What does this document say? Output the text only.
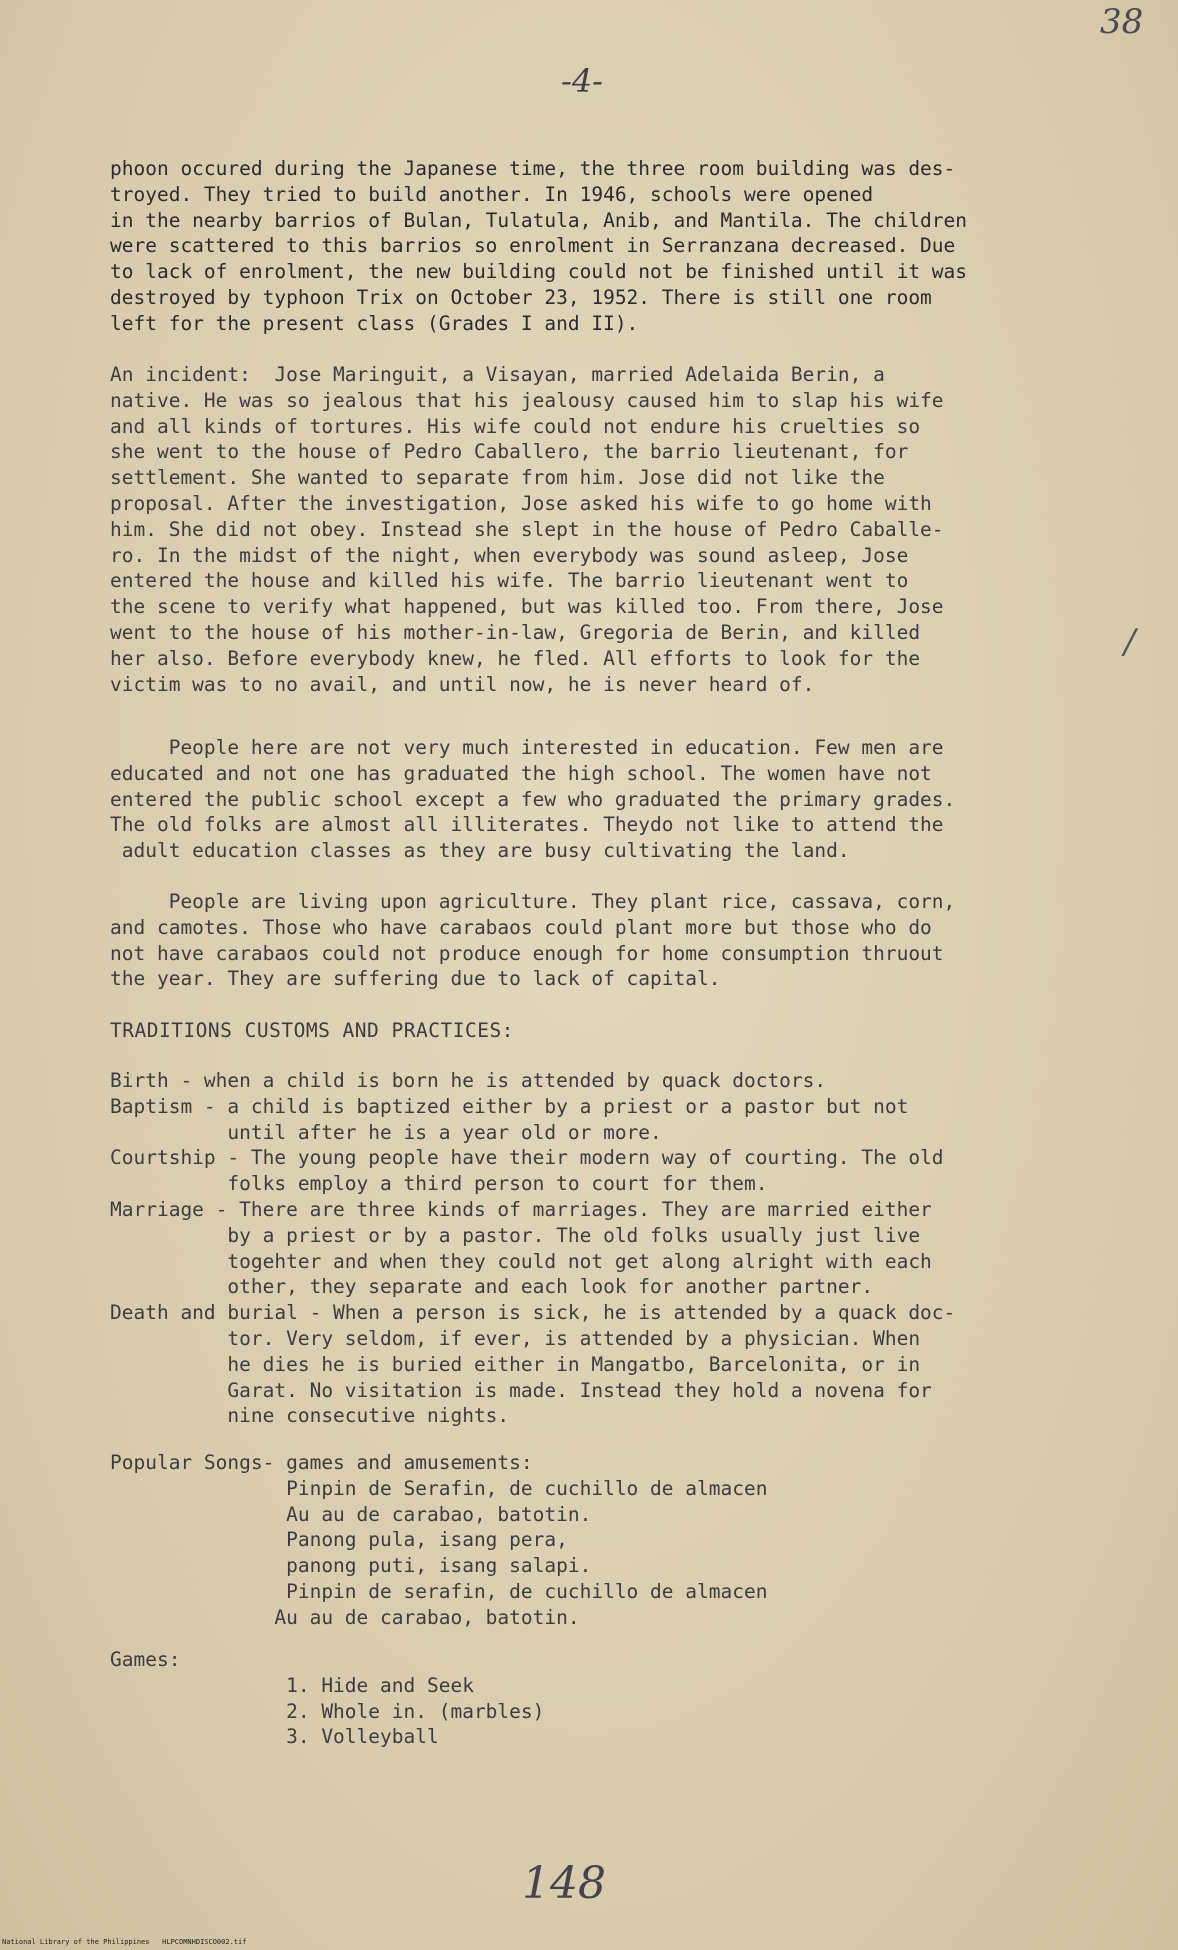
38
-4-
phoon occured during the Japanese time, the three room building was des-
troyed. They tried to build another. In 1946, schools were opened
in the nearby barrios of Bulan, Tulatula, Anib, and Mantila. The children
were scattered to this barrios so enrolment in Serranzana decreased. Due
to lack of enrolment, the new building could not be finished until it was
destroyed by typhoon Trix on October 23, 1952. There is still one room
left for the present class (Grades I and II).
An incident:  Jose Maringuit, a Visayan, married Adelaida Berin, a
native. He was so jealous that his jealousy caused him to slap his wife
and all kinds of tortures. His wife could not endure his cruelties so
she went to the house of Pedro Caballero, the barrio lieutenant, for
settlement. She wanted to separate from him. Jose did not like the
proposal. After the investigation, Jose asked his wife to go home with
him. She did not obey. Instead she slept in the house of Pedro Caballe-
ro. In the midst of the night, when everybody was sound asleep, Jose
entered the house and killed his wife. The barrio lieutenant went to
the scene to verify what happened, but was killed too. From there, Jose
went to the house of his mother-in-law, Gregoria de Berin, and killed
her also. Before everybody knew, he fled. All efforts to look for the
victim was to no avail, and until now, he is never heard of.
People here are not very much interested in education. Few men are
educated and not one has graduated the high school. The women have not
entered the public school except a few who graduated the primary grades.
The old folks are almost all illiterates. Theydo not like to attend the
adult education classes as they are busy cultivating the land.
People are living upon agriculture. They plant rice, cassava, corn,
and camotes. Those who have carabaos could plant more but those who do
not have carabaos could not produce enough for home consumption thruout
the year. They are suffering due to lack of capital.
TRADITIONS CUSTOMS AND PRACTICES:
Birth - when a child is born he is attended by quack doctors.
Baptism - a child is baptized either by a priest or a pastor but not
until after he is a year old or more.
Courtship - The young people have their modern way of courting. The old
folks employ a third person to court for them.
Marriage - There are three kinds of marriages. They are married either
by a priest or by a pastor. The old folks usually just live
togehter and when they could not get along alright with each
other, they separate and each look for another partner.
Death and burial - When a person is sick, he is attended by a quack doc-
tor. Very seldom, if ever, is attended by a physician. When
he dies he is buried either in Mangatbo, Barcelonita, or in
Garat. No visitation is made. Instead they hold a novena for
nine consecutive nights.
Popular Songs- games and amusements:
Pinpin de Serafin, de cuchillo de almacen
Au au de carabao, batotin.
Panong pula, isang pera,
panong puti, isang salapi.
Pinpin de serafin, de cuchillo de almacen
Au au de carabao, batotin.
Games:
1. Hide and Seek
2. Whole in. (marbles)
3. Volleyball
/
148
National Library of the Philippines   HLPCOMNHDISCO002.tif
